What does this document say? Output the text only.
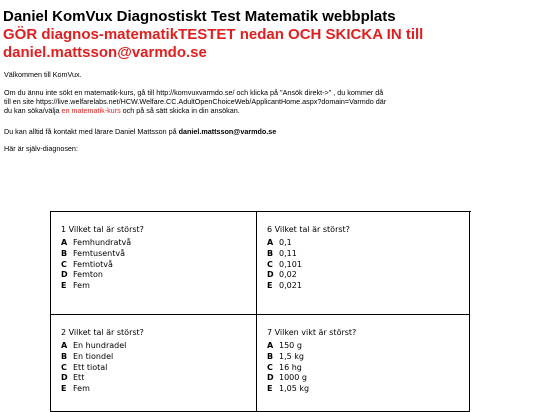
Daniel KomVux Diagnostiskt Test Matematik webbplats
GÖR diagnos-matematikTESTET nedan OCH SKICKA IN till
daniel.mattsson@varmdo.se
Välkommen till KomVux.
Om du ännu inte sökt en matematik-kurs, gå till http://komvuxvarmdo.se/ och klicka på "Ansök direkt->" , du kommer då
till en site https://live.welfarelabs.net/HCW.Welfare.CC.AdultOpenChoiceWeb/ApplicantHome.aspx?domain=Varmdo där
du kan söka/välja en matematik-kurs och på så sätt skicka in din ansökan.
Du kan alltid få kontakt med lärare Daniel Mattsson på daniel.mattsson@varmdo.se
Här är själv-diagnosen:
1 Vilket tal är störst?
A Femhundratvå
B Femtusentvå
C Femtiotvå
D Femton
E Fem
6 Vilket tal är störst?
A 0,1
B 0,11
C 0,101
D 0,02
E 0,021
2 Vilket tal är störst?
A En hundradel
B En tiondel
C Ett tiotal
D Ett
E Fem
7 Vilken vikt är störst?
A 150 g
B 1,5 kg
C 16 hg
D 1000 g
E 1,05 kg
